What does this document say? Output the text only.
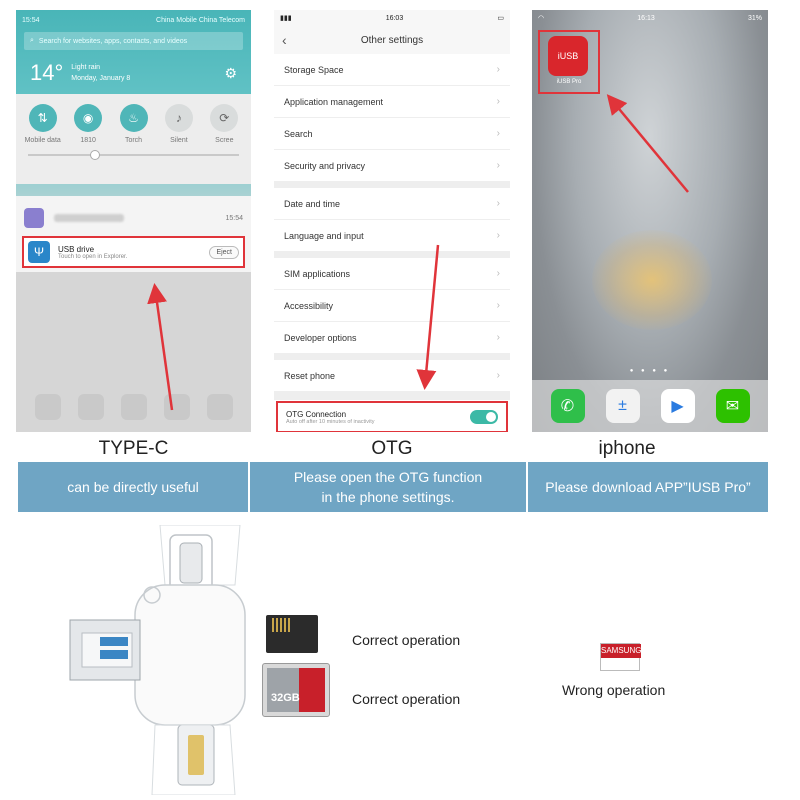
15:54	China Mobile China Telecom
⌕ Search for websites, apps, contacts, and videos
14° Light rain
Monday, January 8	⚙
⇅
Mobile data
◉
1810
♨
Torch
♪
Silent
⟳
Scree
15:54
Ψ	USB drive
Touch to open in Explorer.
Eject
▮▮▮	16:03	▭
‹	Other settings
Storage Space	›
Application management	›
Search	›
Security and privacy	›
Date and time	›
Language and input	›
SIM applications	›
Accessibility	›
Developer options	›
Reset phone	›
OTG Connection
Auto off after 10 minutes of inactivity
◠	16:13	31%
iUSB
iUSB Pro
● ● ● ●
✆	±	▶	✉
TYPE-C	OTG	iphone
can be directly useful
Please open the OTG function
in the phone settings.
Please download APP”IUSB Pro”
Correct operation
32GB	Correct operation
SAMSUNG
Wrong operation
